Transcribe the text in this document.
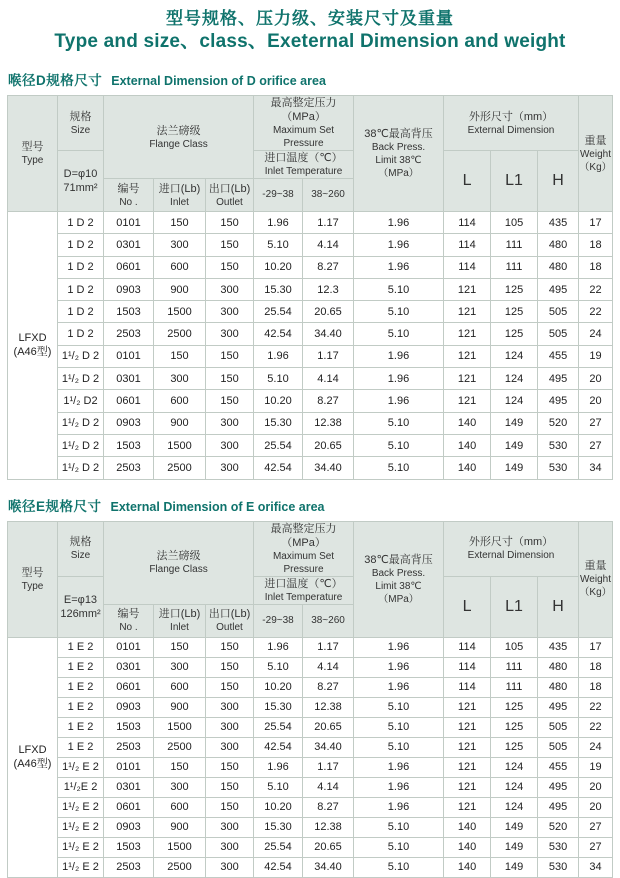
型号规格、压力级、安装尺寸及重量
Type and size、class、Exeternal Dimension and weight
喉径D规格尺寸 External Dimension of D orifice area
型号
Type	规格
Size	法兰磅级
Flange Class			最高整定压力（MPa）
Maximum Set Pressure		38℃最高背压
Back Press.
Limit 38℃
（MPa）	外形尺寸（mm）
External Dimension			重量
Weight
（Kg）

	D=φ10
71mm²				进口温度（℃）
Inlet Temperature			L	L1	H	

		编号
No .	进口(Lb)
Inlet	出口(Lb)
Outlet	-29~38	38~260					

LFXD
(A46型)	1 D 2	0101	150	150	1.96	1.17	1.96	114	105	435	17
	1 D 2	0301	300	150	5.10	4.14	1.96	114	111	480	18
	1 D 2	0601	600	150	10.20	8.27	1.96	114	111	480	18
	1 D 2	0903	900	300	15.30	12.3	5.10	121	125	495	22
	1 D 2	1503	1500	300	25.54	20.65	5.10	121	125	505	22
	1 D 2	2503	2500	300	42.54	34.40	5.10	121	125	505	24
	1¹/₂ D 2	0101	150	150	1.96	1.17	1.96	121	124	455	19
	1¹/₂ D 2	0301	300	150	5.10	4.14	1.96	121	124	495	20
	1¹/₂ D2	0601	600	150	10.20	8.27	1.96	121	124	495	20
	1¹/₂ D 2	0903	900	300	15.30	12.38	5.10	140	149	520	27
	1¹/₂ D 2	1503	1500	300	25.54	20.65	5.10	140	149	530	27
	1¹/₂ D 2	2503	2500	300	42.54	34.40	5.10	140	149	530	34
喉径E规格尺寸 External Dimension of E orifice area
型号
Type	规格
Size	法兰磅级
Flange Class			最高整定压力（MPa）
Maximum Set Pressure		38℃最高背压
Back Press.
Limit 38℃
（MPa）	外形尺寸（mm）
External Dimension			重量
Weight
（Kg）

	E=φ13
126mm²				进口温度（℃）
Inlet Temperature			L	L1	H	

		编号
No .	进口(Lb)
Inlet	出口(Lb)
Outlet	-29~38	38~260					

LFXD
(A46型)	1 E 2	0101	150	150	1.96	1.17	1.96	114	105	435	17
	1 E 2	0301	300	150	5.10	4.14	1.96	114	111	480	18
	1 E 2	0601	600	150	10.20	8.27	1.96	114	111	480	18
	1 E 2	0903	900	300	15.30	12.38	5.10	121	125	495	22
	1 E 2	1503	1500	300	25.54	20.65	5.10	121	125	505	22
	1 E 2	2503	2500	300	42.54	34.40	5.10	121	125	505	24
	1¹/₂ E 2	0101	150	150	1.96	1.17	1.96	121	124	455	19
	1¹/₂E 2	0301	300	150	5.10	4.14	1.96	121	124	495	20
	1¹/₂ E 2	0601	600	150	10.20	8.27	1.96	121	124	495	20
	1¹/₂ E 2	0903	900	300	15.30	12.38	5.10	140	149	520	27
	1¹/₂ E 2	1503	1500	300	25.54	20.65	5.10	140	149	530	27
	1¹/₂ E 2	2503	2500	300	42.54	34.40	5.10	140	149	530	34
